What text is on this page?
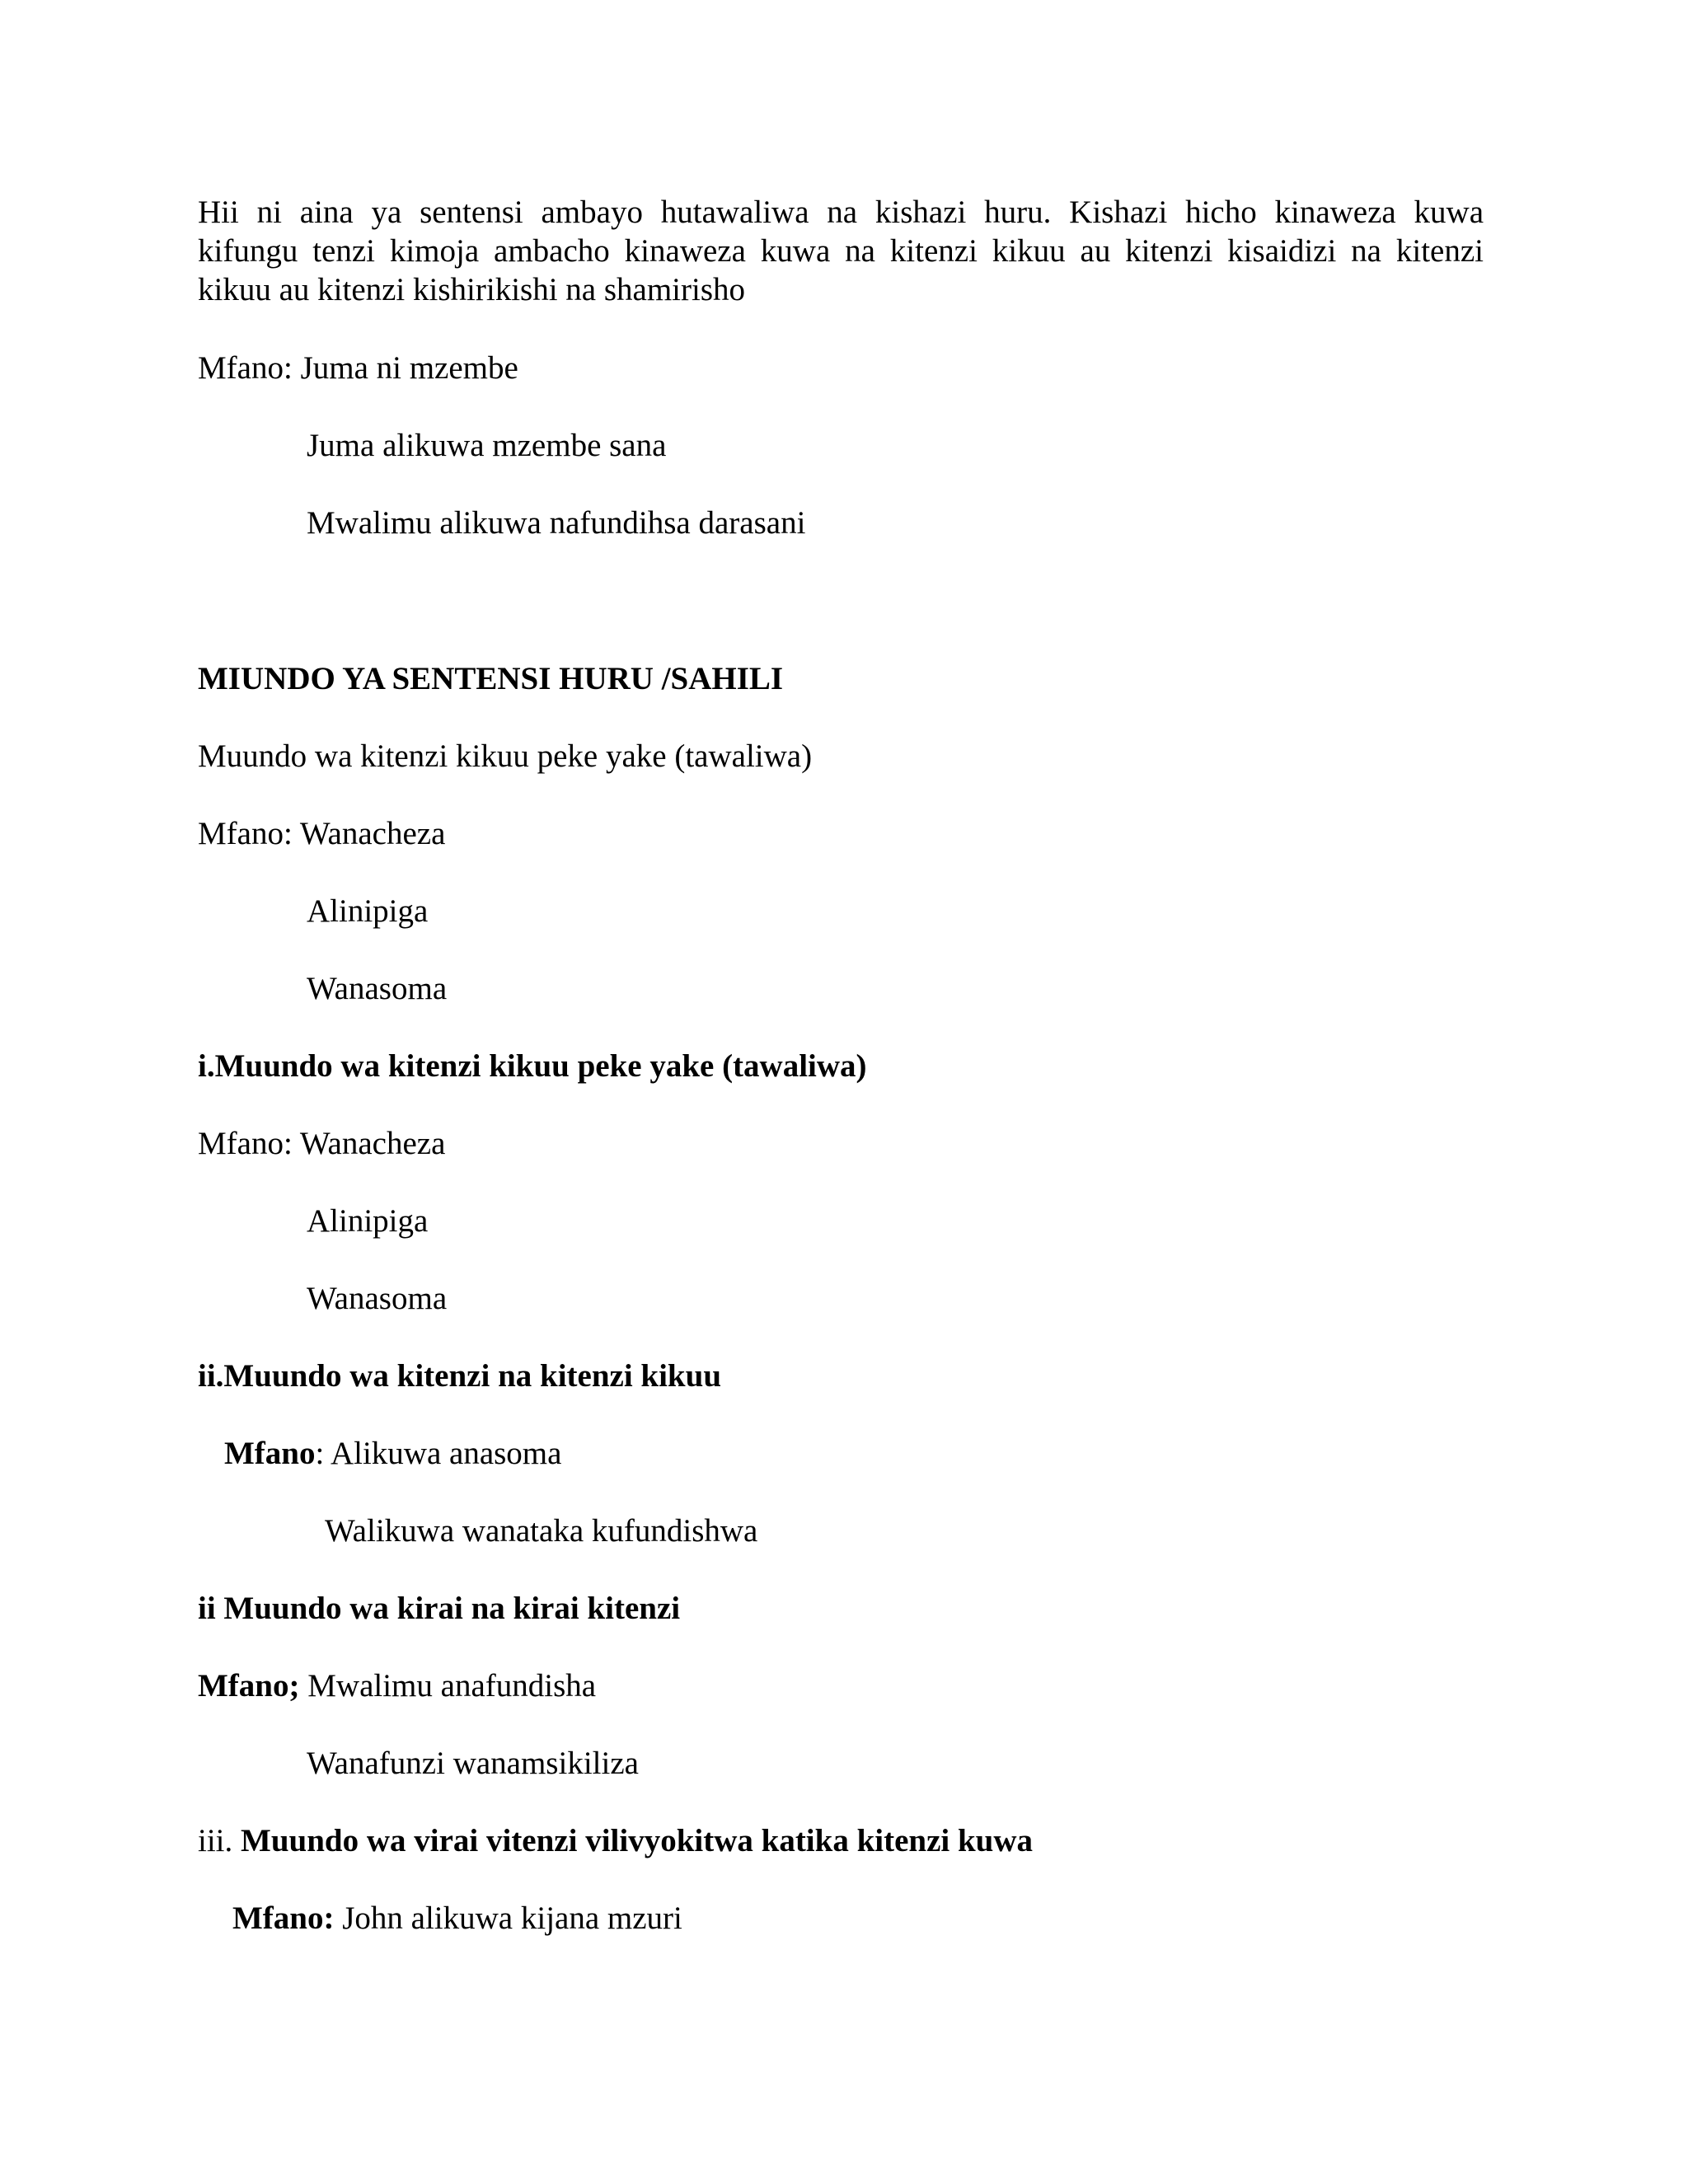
Hii ni aina ya sentensi ambayo hutawaliwa na kishazi huru. Kishazi hicho kinaweza kuwa
kifungu tenzi kimoja ambacho kinaweza kuwa na kitenzi kikuu au kitenzi kisaidizi na kitenzi
kikuu au kitenzi kishirikishi na shamirisho
Mfano: Juma ni mzembe
Juma alikuwa mzembe sana
Mwalimu alikuwa nafundihsa darasani
MIUNDO YA SENTENSI HURU /SAHILI
Muundo wa kitenzi kikuu peke yake (tawaliwa)
Mfano: Wanacheza
Alinipiga
Wanasoma
i.Muundo wa kitenzi kikuu peke yake (tawaliwa)
Mfano: Wanacheza
Alinipiga
Wanasoma
ii.Muundo wa kitenzi na kitenzi kikuu
Mfano: Alikuwa anasoma
Walikuwa wanataka kufundishwa
ii Muundo wa kirai na kirai kitenzi
Mfano; Mwalimu anafundisha
Wanafunzi wanamsikiliza
iii. Muundo wa virai vitenzi vilivyokitwa katika kitenzi kuwa
Mfano: John alikuwa kijana mzuri
